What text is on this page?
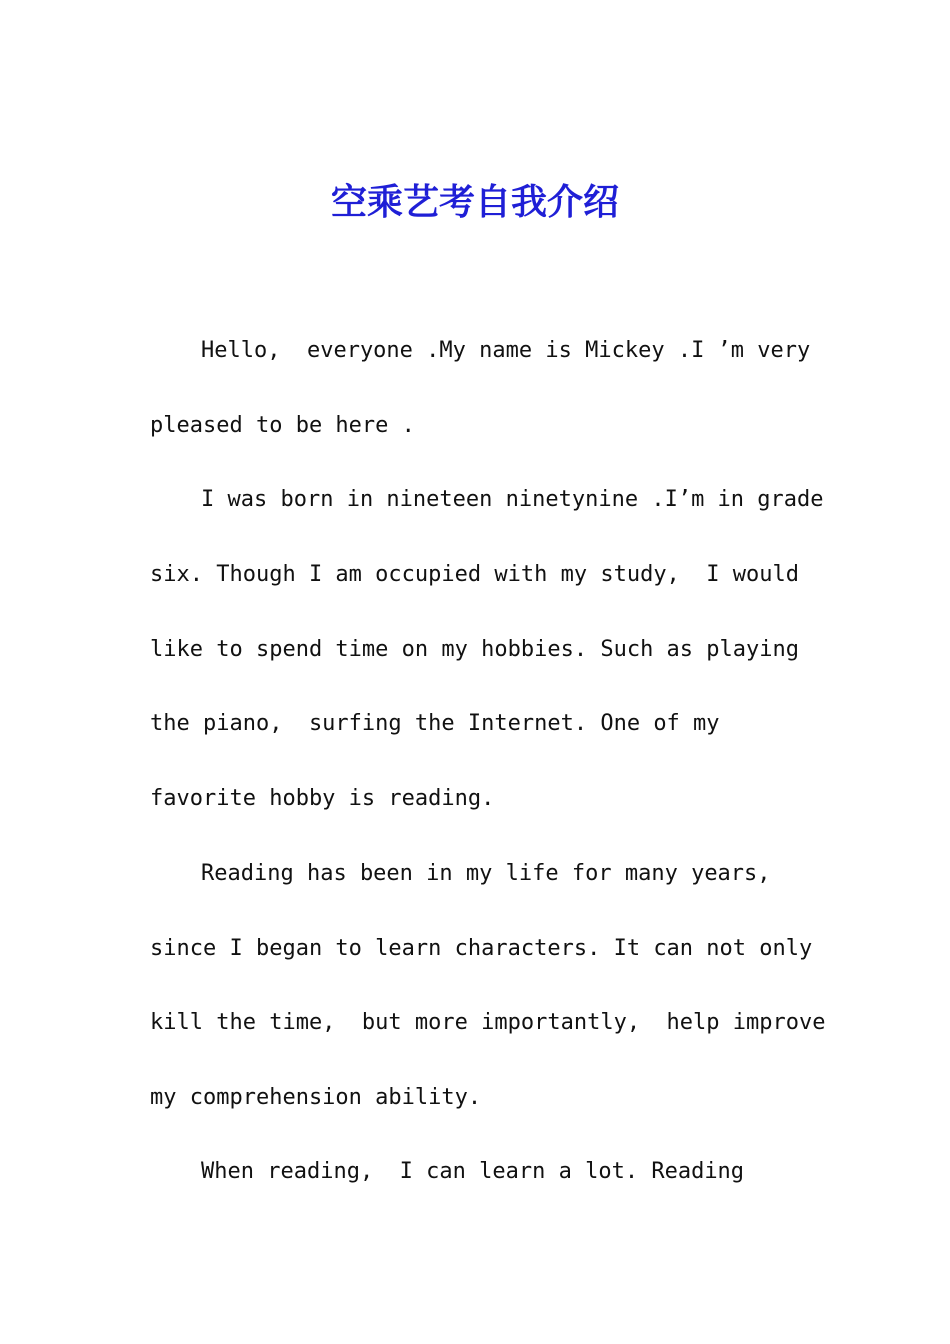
空乘艺考自我介绍
Hello,  everyone .My name is Mickey .I ’m very
pleased to be here .
I was born in nineteen ninetynine .I’m in grade
six. Though I am occupied with my study,  I would
like to spend time on my hobbies. Such as playing
the piano,  surfing the Internet. One of my
favorite hobby is reading.
Reading has been in my life for many years,
since I began to learn characters. It can not only
kill the time,  but more importantly,  help improve
my comprehension ability.
When reading,  I can learn a lot. Reading
